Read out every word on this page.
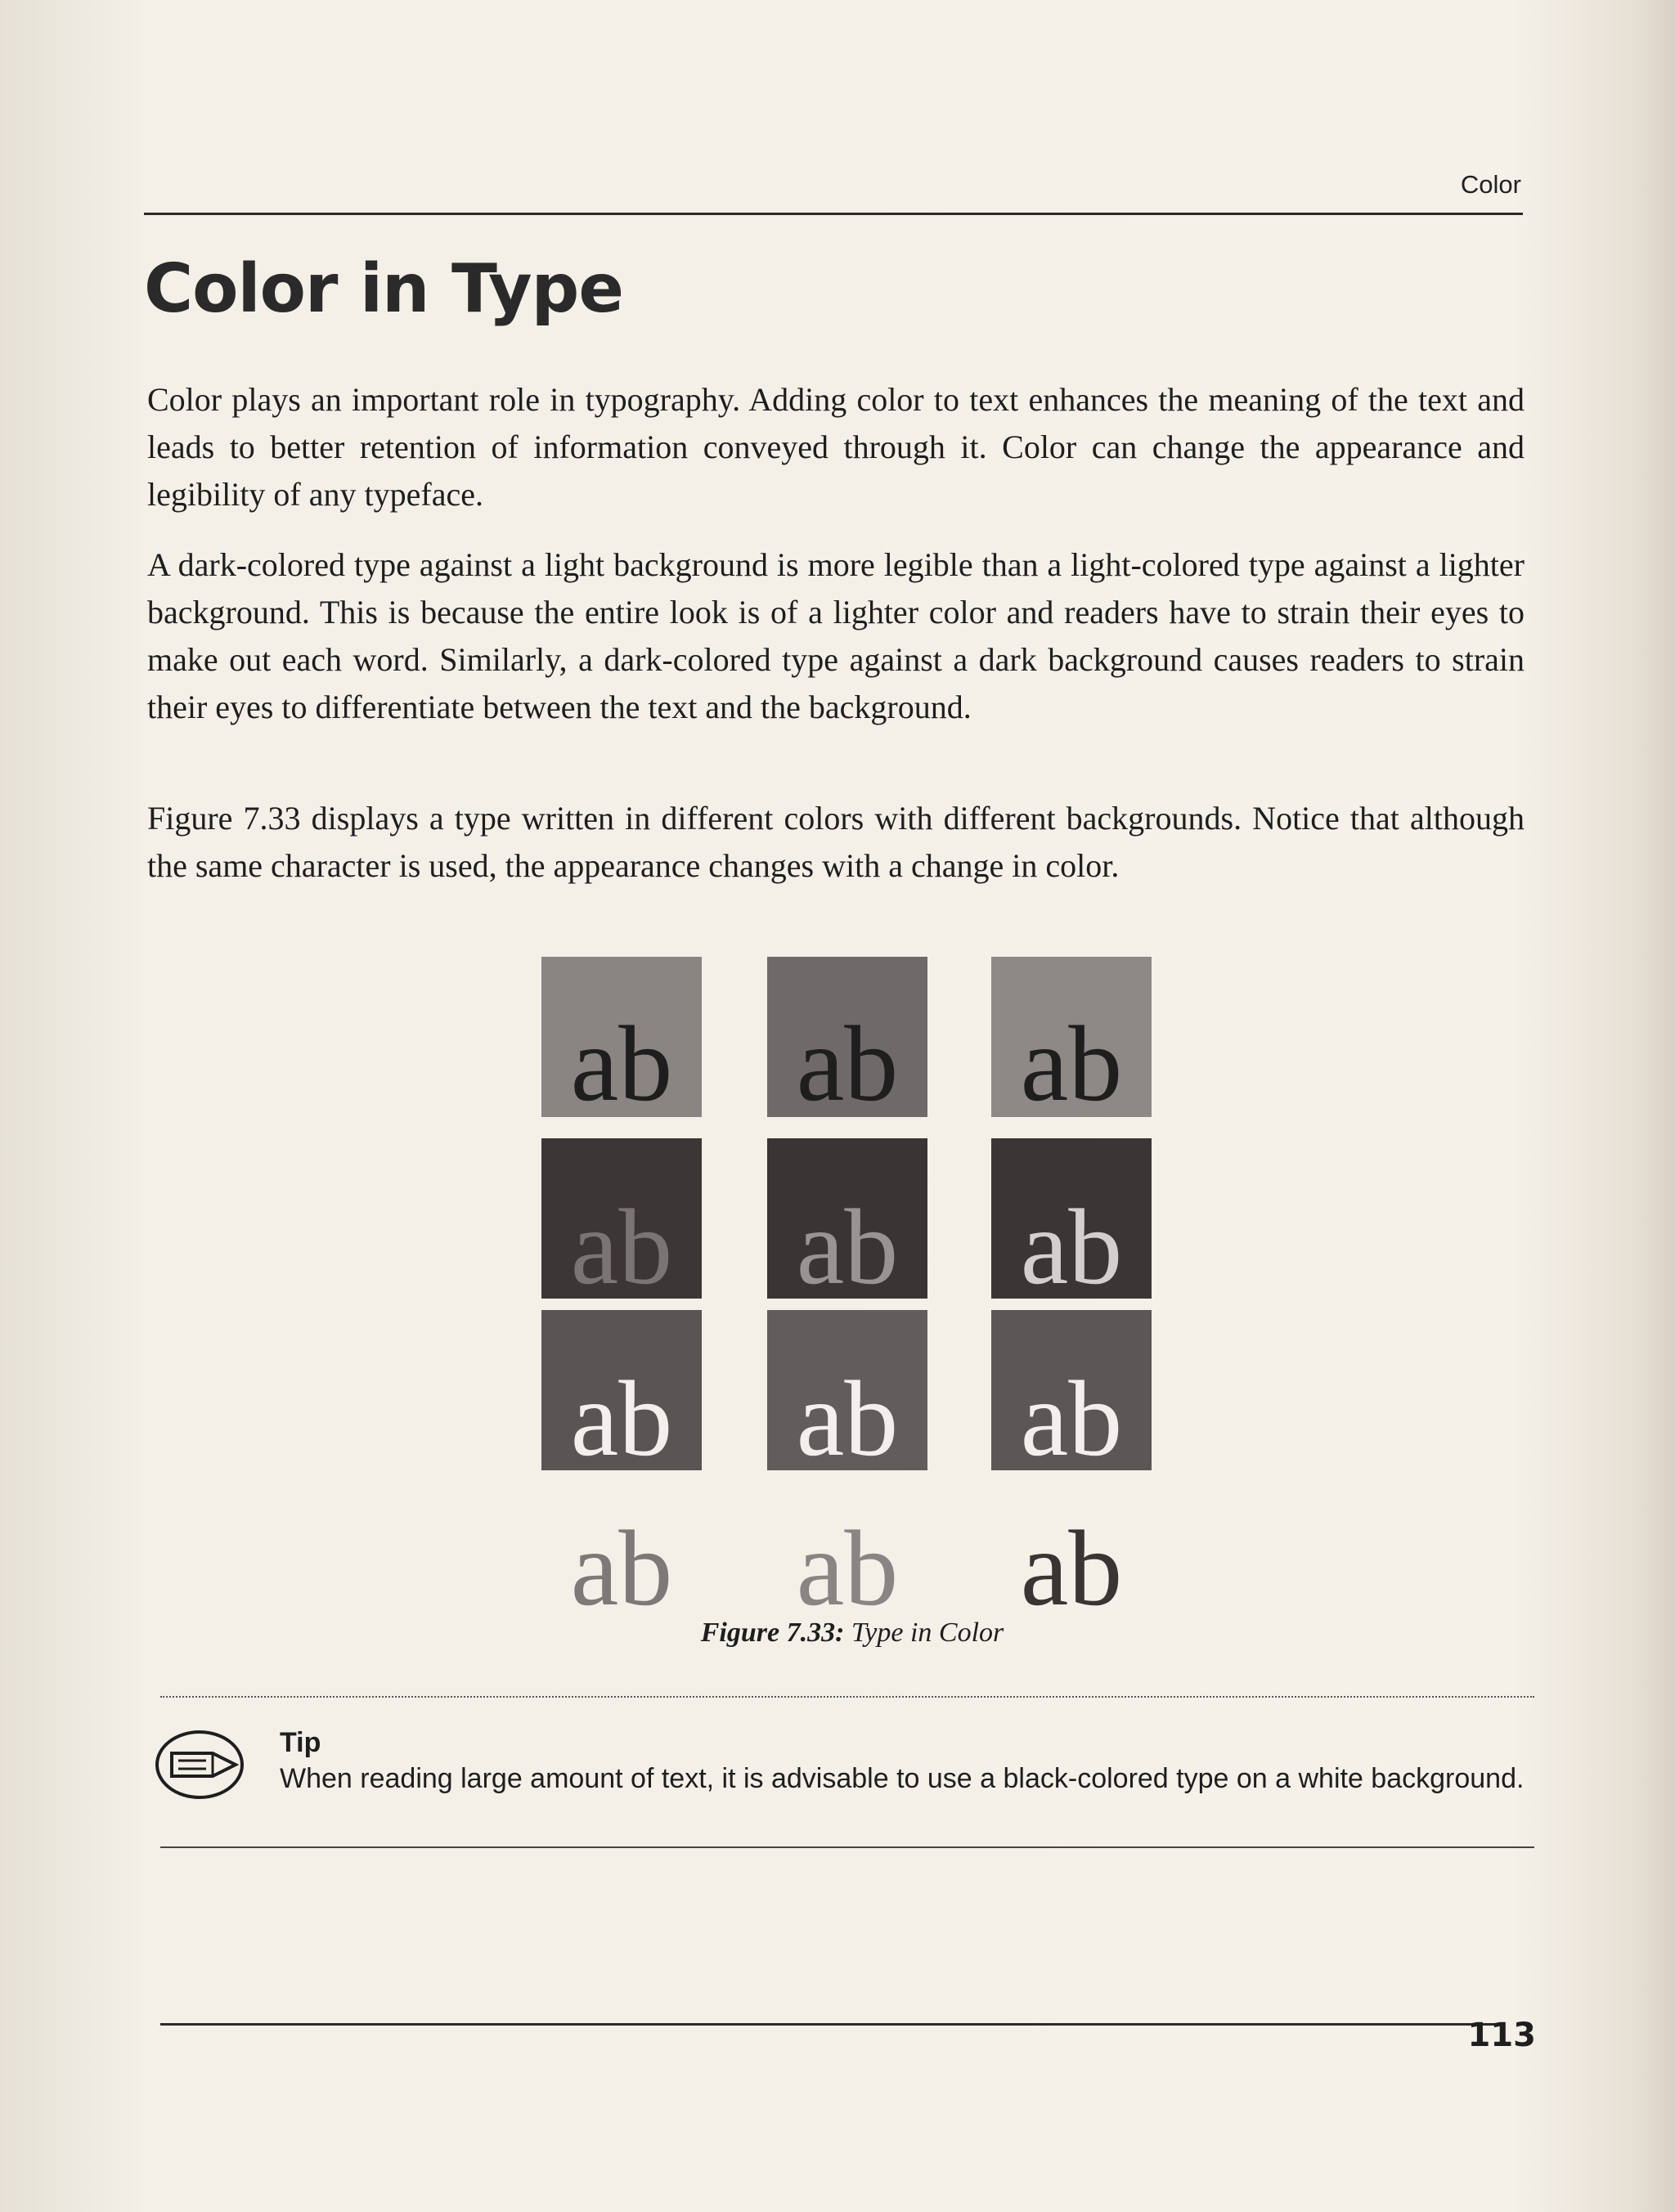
Color
Color in Type

Color plays an important role in typography. Adding color to text enhances the meaning of the text and leads to better retention of information conveyed through it. Color can change the appearance and legibility of any typeface.

A dark-colored type against a light background is more legible than a light-colored type against a lighter background. This is because the entire look is of a lighter color and readers have to strain their eyes to make out each word. Similarly, a dark-colored type against a dark background causes readers to strain their eyes to differentiate between the text and the background.

Figure 7.33 displays a type written in different colors with different backgrounds. Notice that although the same character is used, the appearance changes with a change in color.

ab ab ab
ab ab ab
ab ab ab
ab ab ab
Figure 7.33: Type in Color
Tip

When reading large amount of text, it is advisable to use a black-colored type on a white background.

113
